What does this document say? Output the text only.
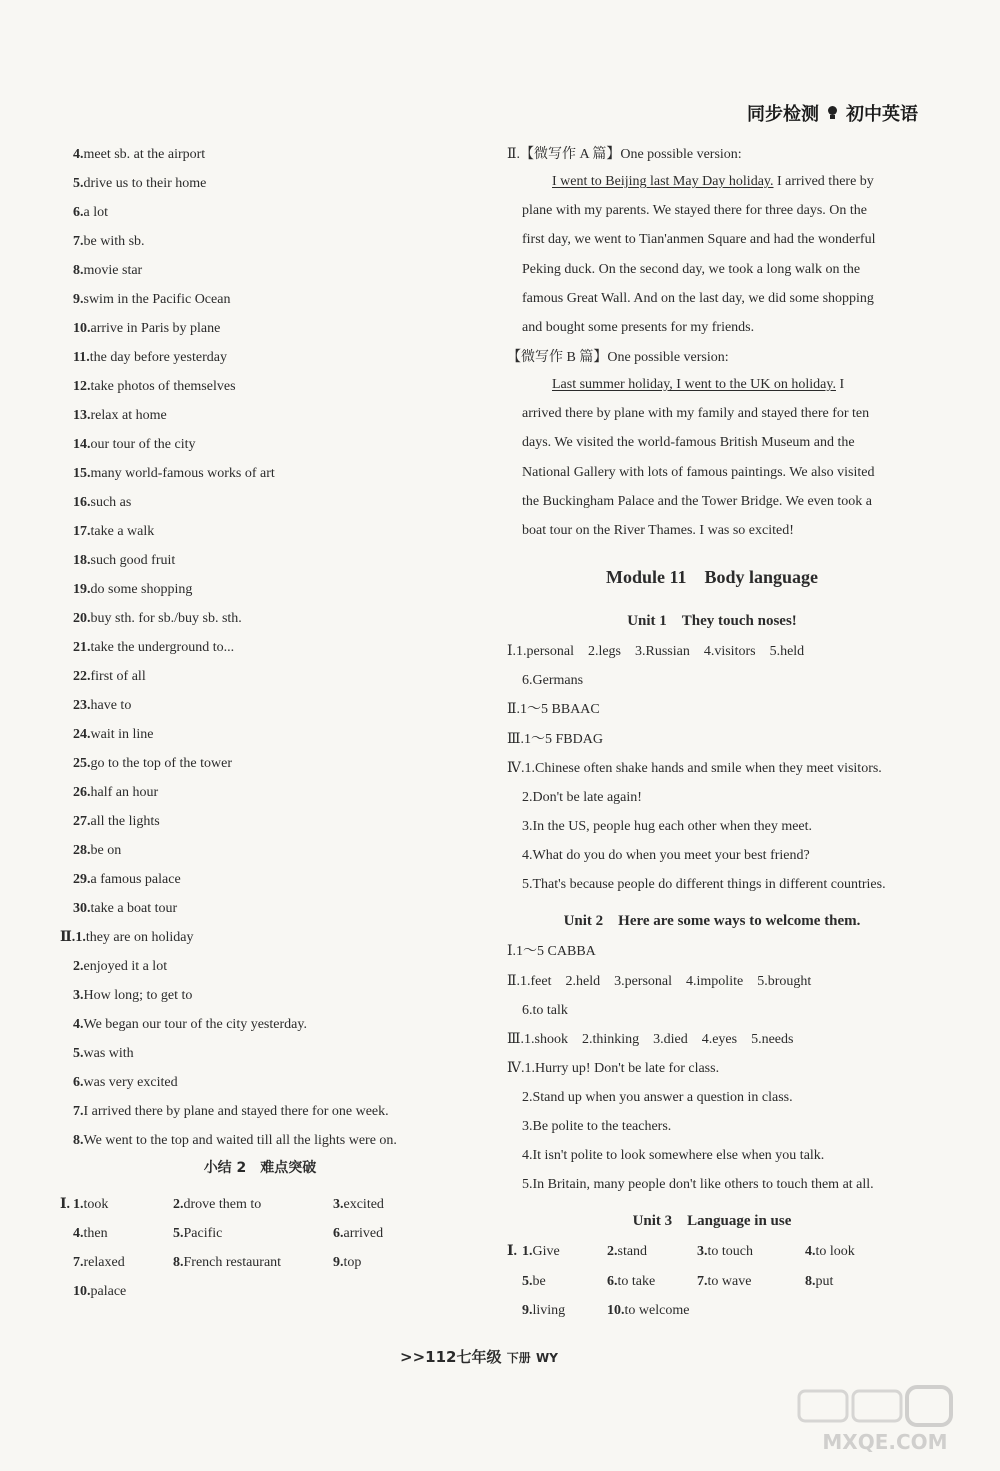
同步检测 初中英语
4.meet sb. at the airport
5.drive us to their home
6.a lot
7.be with sb.
8.movie star
9.swim in the Pacific Ocean
10.arrive in Paris by plane
11.the day before yesterday
12.take photos of themselves
13.relax at home
14.our tour of the city
15.many world-famous works of art
16.such as
17.take a walk
18.such good fruit
19.do some shopping
20.buy sth. for sb./buy sb. sth.
21.take the underground to...
22.first of all
23.have to
24.wait in line
25.go to the top of the tower
26.half an hour
27.all the lights
28.be on
29.a famous palace
30.take a boat tour
Ⅱ.1.they are on holiday
2.enjoyed it a lot
3.How long; to get to
4.We began our tour of the city yesterday.
5.was with
6.was very excited
7.I arrived there by plane and stayed there for one week.
8.We went to the top and waited till all the lights were on.
小结 2　难点突破
Ⅰ. 1.took	2.drove them to	3.excited
4.then	5.Pacific	6.arrived
7.relaxed	8.French restaurant	9.top
10.palace
Ⅱ.【微写作 A 篇】One possible version:
I went to Beijing last May Day holiday. I arrived there by
plane with my parents. We stayed there for three days. On the
first day, we went to Tian'anmen Square and had the wonderful
Peking duck. On the second day, we took a long walk on the
famous Great Wall. And on the last day, we did some shopping
and bought some presents for my friends.
【微写作 B 篇】One possible version:
Last summer holiday, I went to the UK on holiday. I
arrived there by plane with my family and stayed there for ten
days. We visited the world-famous British Museum and the
National Gallery with lots of famous paintings. We also visited
the Buckingham Palace and the Tower Bridge. We even took a
boat tour on the River Thames. I was so excited!
Module 11　Body language
Unit 1　They touch noses!
Ⅰ.1.personal　2.legs　3.Russian　4.visitors　5.held
6.Germans
Ⅱ.1～5 BBAAC
Ⅲ.1～5 FBDAG
Ⅳ.1.Chinese often shake hands and smile when they meet visitors.
2.Don't be late again!
3.In the US, people hug each other when they meet.
4.What do you do when you meet your best friend?
5.That's because people do different things in different countries.
Unit 2　Here are some ways to welcome them.
Ⅰ.1～5 CABBA
Ⅱ.1.feet　2.held　3.personal　4.impolite　5.brought
6.to talk
Ⅲ.1.shook　2.thinking　3.died　4.eyes　5.needs
Ⅳ.1.Hurry up! Don't be late for class.
2.Stand up when you answer a question in class.
3.Be polite to the teachers.
4.It isn't polite to look somewhere else when you talk.
5.In Britain, many people don't like others to touch them at all.
Unit 3　Language in use
Ⅰ. 1.Give	2.stand	3.to touch	4.to look
5.be	6.to take	7.to wave	8.put
9.living	10.to welcome
>>112七年级 下册 WY
MXQE.COM
